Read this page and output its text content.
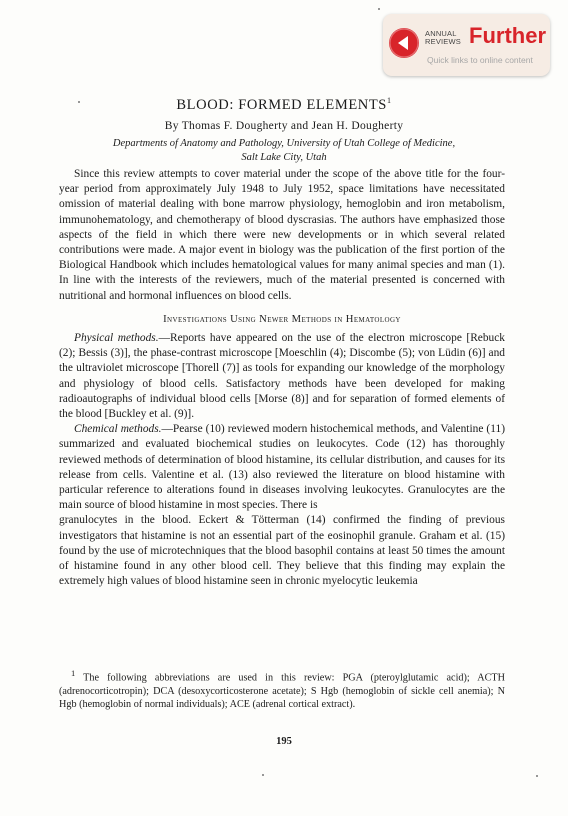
ANNUAL REVIEWS Further
Quick links to online content
BLOOD: FORMED ELEMENTS$^1$
By Thomas F. Dougherty and Jean H. Dougherty
Departments of Anatomy and Pathology, University of Utah College of Medicine,
Salt Lake City, Utah

Since this review attempts to cover material under the scope of the above title for the four-year period from approximately July 1948 to July 1952, space limitations have necessitated omission of material dealing with bone marrow physiology, hemoglobin and iron metabolism, immunohematology, and chemotherapy of blood dyscrasias. The authors have emphasized those aspects of the field in which there were new developments or in which several related contributions were made. A major event in biology was the publication of the first portion of the Biological Handbook which includes hematological values for many animal species and man (1). In line with the interests of the reviewers, much of the material presented is concerned with nutritional and hormonal influences on blood cells.

Investigations Using Newer Methods in Hematology

Physical methods.—Reports have appeared on the use of the electron microscope [Rebuck (2); Bessis (3)], the phase-contrast microscope [Moeschlin (4); Discombe (5); von Lüdin (6)] and the ultraviolet microscope [Thorell (7)] as tools for expanding our knowledge of the morphology and physiology of blood cells. Satisfactory methods have been developed for making radioautographs of individual blood cells [Morse (8)] and for separation of formed elements of the blood [Buckley et al. (9)].

Chemical methods.—Pearse (10) reviewed modern histochemical methods, and Valentine (11) summarized and evaluated biochemical studies on leukocytes. Code (12) has thoroughly reviewed methods of determination of blood histamine, its cellular distribution, and causes for its release from cells. Valentine et al. (13) also reviewed the literature on blood histamine with particular reference to alterations found in diseases involving leukocytes. Granulocytes are the main source of blood histamine in most species. There is

granulocytes in the blood. Eckert & Tötterman (14) confirmed the finding of previous investigators that histamine is not an essential part of the eosinophil granule. Graham et al. (15) found by the use of microtechniques that the blood basophil contains at least 50 times the amount of histamine found in any other blood cell. They believe that this finding may explain the extremely high values of blood histamine seen in chronic myelocytic leukemia

$^1$ The following abbreviations are used in this review: PGA (pteroylglutamic acid); ACTH (adrenocorticotropin); DCA (desoxycorticosterone acetate); S Hgb (hemoglobin of sickle cell anemia); N Hgb (hemoglobin of normal individuals); ACE (adrenal cortical extract).

195
